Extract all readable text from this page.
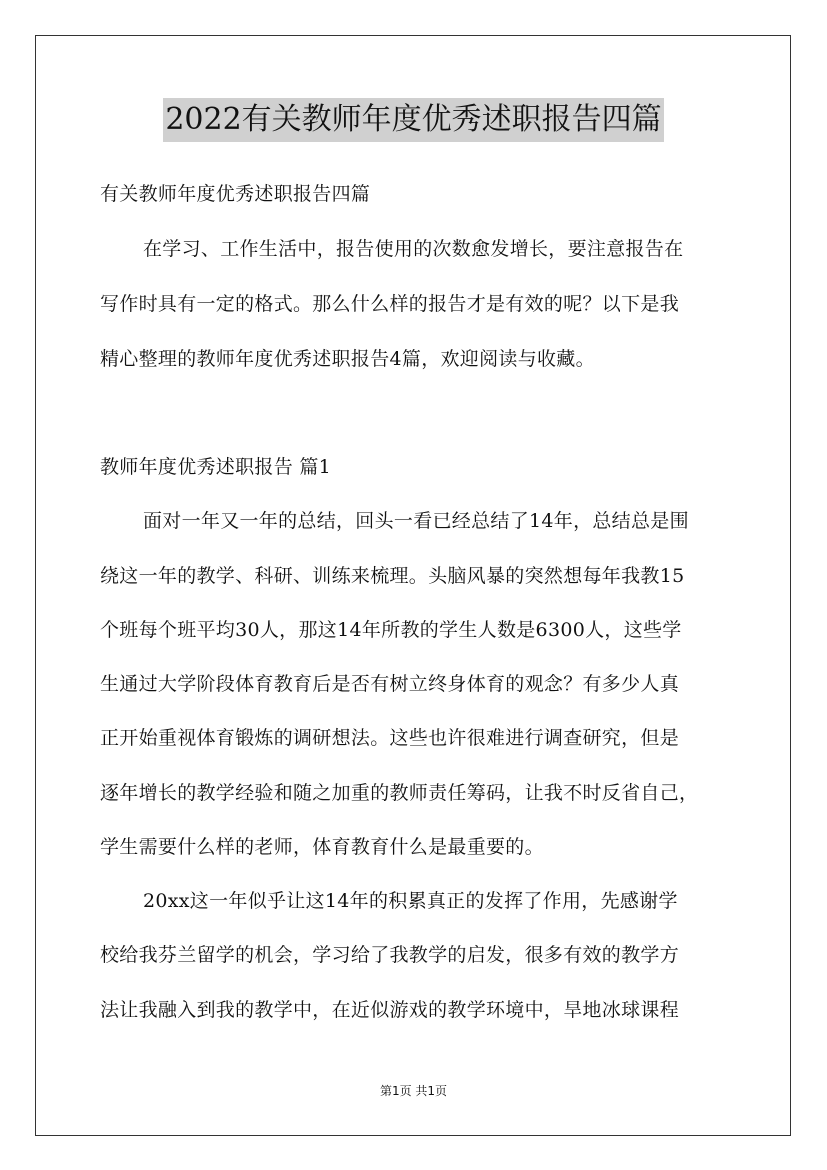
2022有关教师年度优秀述职报告四篇
有关教师年度优秀述职报告四篇
在学习、工作生活中，报告使用的次数愈发增长，要注意报告在
写作时具有一定的格式。那么什么样的报告才是有效的呢？以下是我
精心整理的教师年度优秀述职报告4篇，欢迎阅读与收藏。
教师年度优秀述职报告 篇1
面对一年又一年的总结，回头一看已经总结了14年，总结总是围
绕这一年的教学、科研、训练来梳理。头脑风暴的突然想每年我教15
个班每个班平均30人，那这14年所教的学生人数是6300人，这些学
生通过大学阶段体育教育后是否有树立终身体育的观念？有多少人真
正开始重视体育锻炼的调研想法。这些也许很难进行调查研究，但是
逐年增长的教学经验和随之加重的教师责任筹码，让我不时反省自己，
学生需要什么样的老师，体育教育什么是最重要的。
20xx这一年似乎让这14年的积累真正的发挥了作用，先感谢学
校给我芬兰留学的机会，学习给了我教学的启发，很多有效的教学方
法让我融入到我的教学中，在近似游戏的教学环境中，旱地冰球课程
第1页 共1页
